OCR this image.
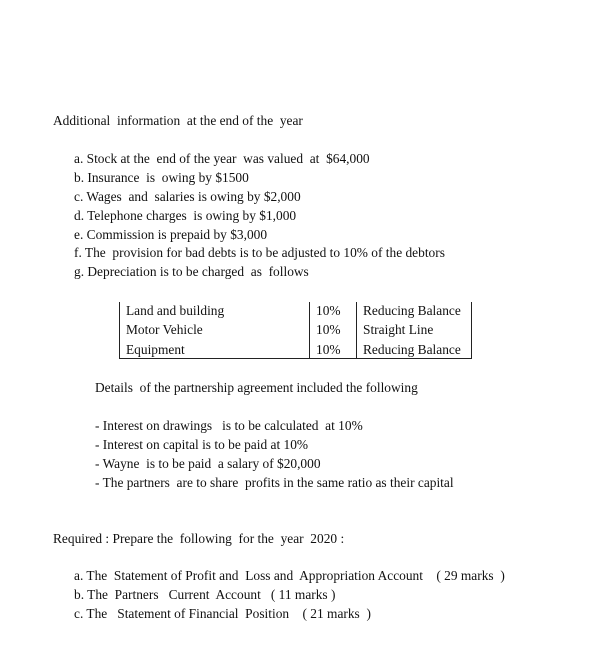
Additional  information  at the end of the  year
a. Stock at the  end of the year  was valued  at  $64,000
b. Insurance  is  owing by $1500
c. Wages  and  salaries is owing by $2,000
d. Telephone charges  is owing by $1,000
e. Commission is prepaid by $3,000
f. The  provision for bad debts is to be adjusted to 10% of the debtors
g. Depreciation is to be charged  as  follows
Land and building	10% Reducing Balance
Motor Vehicle	10% Straight Line
Equipment	10% Reducing Balance
Details  of the partnership agreement included the following
- Interest on drawings   is to be calculated  at 10%
- Interest on capital is to be paid at 10%
- Wayne  is to be paid  a salary of $20,000
- The partners  are to share  profits in the same ratio as their capital
Required : Prepare the  following  for the  year  2020 :
a. The  Statement of Profit and  Loss and  Appropriation Account    ( 29 marks  )
b. The  Partners   Current  Account   ( 11 marks )
c. The   Statement of Financial  Position    ( 21 marks  )
